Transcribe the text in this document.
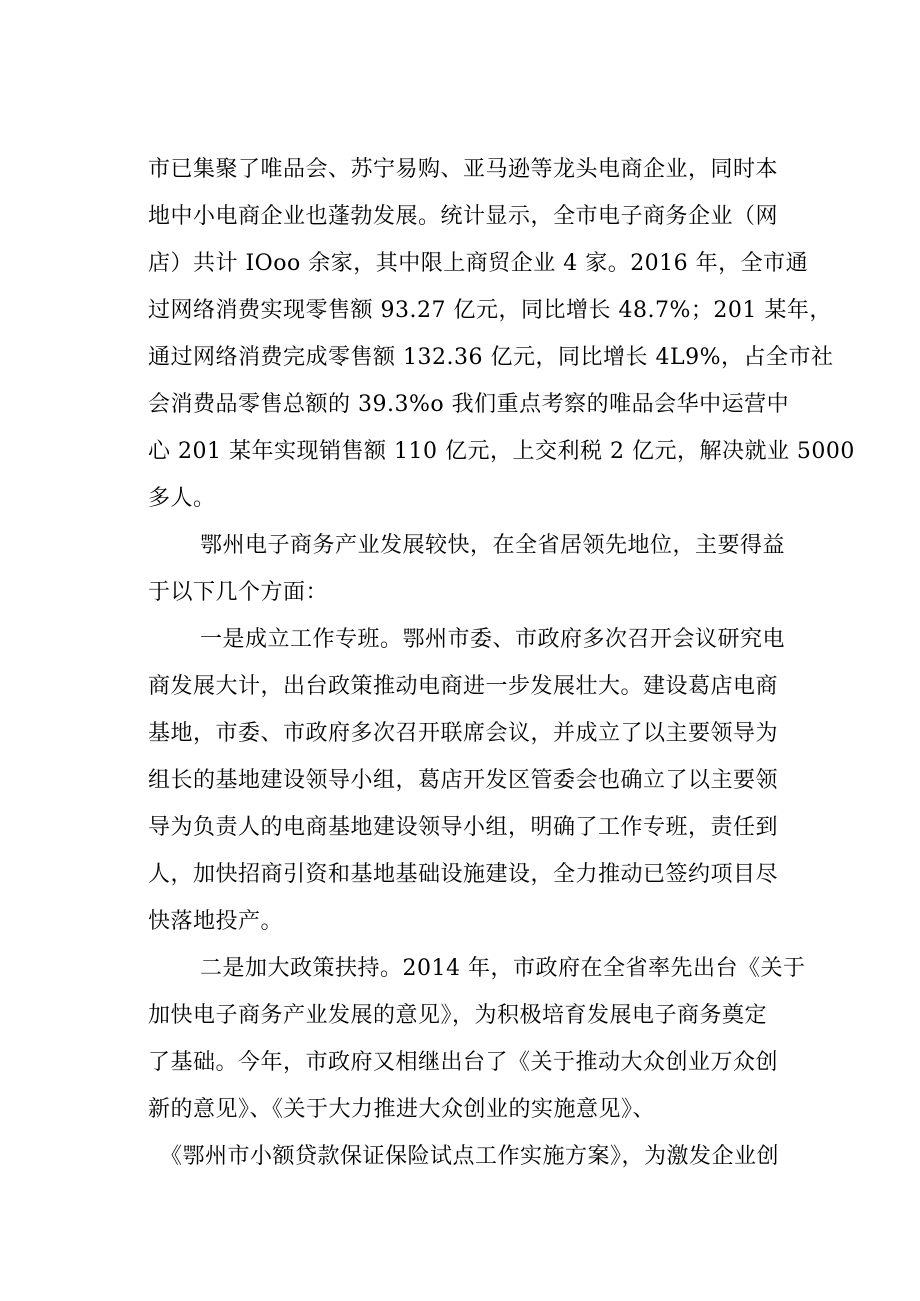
市已集聚了唯品会、苏宁易购、亚马逊等龙头电商企业，同时本
地中小电商企业也蓬勃发展。统计显示，全市电子商务企业（网
店）共计 IOoo 余家，其中限上商贸企业 4 家。2016 年，全市通
过网络消费实现零售额 93.27 亿元，同比增长 48.7%；201 某年，
通过网络消费完成零售额 132.36 亿元，同比增长 4L9%，占全市社
会消费品零售总额的 39.3%o 我们重点考察的唯品会华中运营中
心 201 某年实现销售额 110 亿元，上交利税 2 亿元，解决就业 5000
多人。
鄂州电子商务产业发展较快，在全省居领先地位，主要得益
于以下几个方面：
一是成立工作专班。鄂州市委、市政府多次召开会议研究电
商发展大计，出台政策推动电商进一步发展壮大。建设葛店电商
基地，市委、市政府多次召开联席会议，并成立了以主要领导为
组长的基地建设领导小组，葛店开发区管委会也确立了以主要领
导为负责人的电商基地建设领导小组，明确了工作专班，责任到
人，加快招商引资和基地基础设施建设，全力推动已签约项目尽
快落地投产。
二是加大政策扶持。2014 年，市政府在全省率先出台《关于
加快电子商务产业发展的意见》，为积极培育发展电子商务奠定
了基础。今年，市政府又相继出台了《关于推动大众创业万众创
新的意见》、《关于大力推进大众创业的实施意见》、
《鄂州市小额贷款保证保险试点工作实施方案》，为激发企业创
